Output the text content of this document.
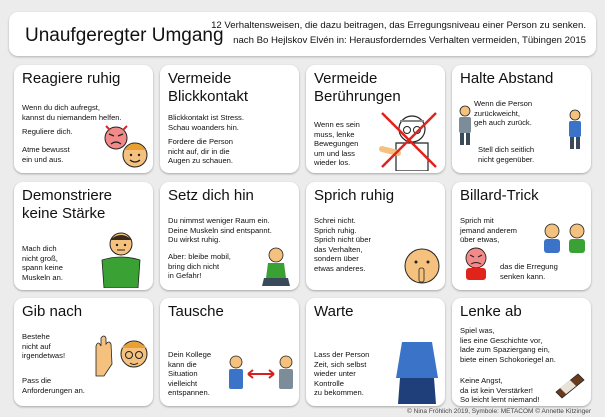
Unaufgeregter Umgang
12 Verhaltensweisen, die dazu beitragen, das Erregungsniveau einer Person zu senken.
nach Bo Hejlskov Elvén in: Herausforderndes Verhalten vermeiden, Tübingen 2015
Reagiere ruhig
Wenn du dich aufregst,
kannst du niemandem helfen.
Reguliere dich.
Atme bewusst
ein und aus.
Vermeide
Blickkontakt
Blickkontakt ist Stress.
Schau woanders hin.
Fordere die Person
nicht auf, dir in die
Augen zu schauen.
Vermeide
Berührungen
Wenn es sein
muss, lenke
Bewegungen
um und lass
wieder los.
Halte Abstand
Wenn die Person
zurückweicht,
geh auch zurück.
Stell dich seitlich
nicht gegenüber.
Demonstriere
keine Stärke
Mach dich
nicht groß,
spann keine
Muskeln an.
Setz dich hin
Du nimmst weniger Raum ein.
Deine Muskeln sind entspannt.
Du wirkst ruhig.
Aber: bleibe mobil,
bring dich nicht
in Gefahr!
Sprich ruhig
Schrei nicht.
Sprich ruhig.
Sprich nicht über
das Verhalten,
sondern über
etwas anderes.
Billard-Trick
Sprich mit
jemand anderem
über etwas,
das die Erregung
senken kann.
Gib nach
Bestehe
nicht auf
irgendetwas!
Pass die
Anforderungen an.
Tausche
Dein Kollege
kann die
Situation
vielleicht
entspannen.
Warte
Lass der Person
Zeit, sich selbst
wieder unter
Kontrolle
zu bekommen.
Lenke ab
Spiel was,
lies eine Geschichte vor,
lade zum Spaziergang ein,
biete einen Schokoriegel an.
Keine Angst,
da ist kein Verstärker!
So leicht lernt niemand!
© Nina Fröhlich 2019, Symbole: METACOM © Annette Kitzinger
